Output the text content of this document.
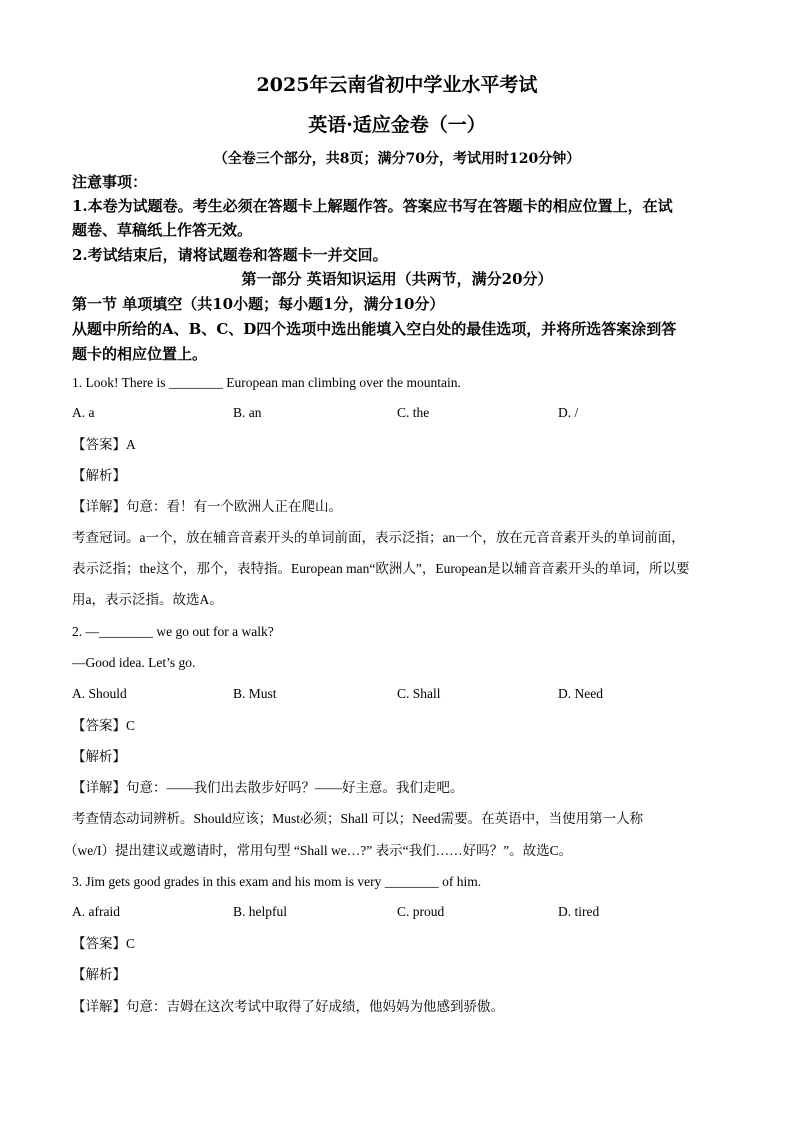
2025年云南省初中学业水平考试
英语·适应金卷（一）
（全卷三个部分，共8页；满分70分，考试用时120分钟）
注意事项：
1.本卷为试题卷。考生必须在答题卡上解题作答。答案应书写在答题卡的相应位置上，在试
题卷、草稿纸上作答无效。
2.考试结束后，请将试题卷和答题卡一并交回。
第一部分 英语知识运用（共两节，满分20分）
第一节 单项填空（共10小题；每小题1分，满分10分）
从题中所给的A、B、C、D四个选项中选出能填入空白处的最佳选项，并将所选答案涂到答
题卡的相应位置上。
1. Look! There is ________ European man climbing over the mountain.
A. a	B. an	C. the	D. /
【答案】A
【解析】
【详解】句意：看！有一个欧洲人正在爬山。
考查冠词。a一个，放在辅音音素开头的单词前面，表示泛指；an一个，放在元音音素开头的单词前面，
表示泛指；the这个，那个，表特指。European man“欧洲人”，European是以辅音音素开头的单词，所以要
用a，表示泛指。故选A。
2. —________ we go out for a walk?
—Good idea. Let’s go.
A. Should	B. Must	C. Shall	D. Need
【答案】C
【解析】
【详解】句意：——我们出去散步好吗？——好主意。我们走吧。
考查情态动词辨析。Should应该；Must必须；Shall 可以；Need需要。在英语中，当使用第一人称
（we/I）提出建议或邀请时，常用句型 “Shall we…?” 表示“我们……好吗？”。故选C。
3. Jim gets good grades in this exam and his mom is very ________ of him.
A. afraid	B. helpful	C. proud	D. tired
【答案】C
【解析】
【详解】句意：吉姆在这次考试中取得了好成绩，他妈妈为他感到骄傲。
